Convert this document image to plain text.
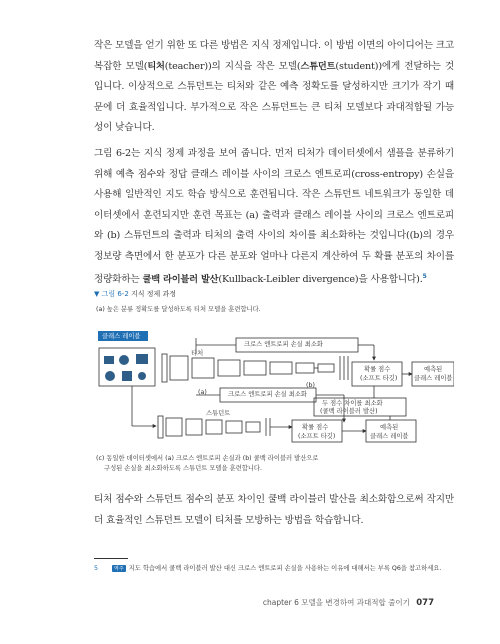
작은 모델을 얻기 위한 또 다른 방법은 지식 정제입니다. 이 방법 이면의 아이디어는 크고 복잡한 모델(티처(teacher))의 지식을 작은 모델(스튜던트(student))에게 전달하는 것입니다. 이상적으로 스튜던트는 티처와 같은 예측 정확도를 달성하지만 크기가 작기 때문에 더 효율적입니다. 부가적으로 작은 스튜던트는 큰 티처 모델보다 과대적합될 가능성이 낮습니다.

그림 6-2는 지식 정제 과정을 보여 줍니다. 먼저 티처가 데이터셋에서 샘플을 분류하기 위해 예측 점수와 정답 클래스 레이블 사이의 크로스 엔트로피(cross-entropy) 손실을 사용해 일반적인 지도 학습 방식으로 훈련됩니다. 작은 스튜던트 네트워크가 동일한 데이터셋에서 훈련되지만 훈련 목표는 (a) 출력과 클래스 레이블 사이의 크로스 엔트로피와 (b) 스튜던트의 출력과 티처의 출력 사이의 차이를 최소화하는 것입니다((b)의 경우 정보량 측면에서 한 분포가 다른 분포와 얼마나 다른지 계산하여 두 확률 분포의 차이를 정량화하는 쿨백 라이블러 발산(Kullback-Leibler divergence)을 사용합니다).$^5$

▼ 그림 6-2 지식 정제 과정

(a) 높은 분류 정확도를 달성하도록 티처 모델을 훈련합니다.

클래스 레이블

티처

크로스 엔트로피 손실 최소화

(a)	크로스 엔트로피 손실 최소화

(b)

두 점수 차이를 최소화

(쿨백 라이블러 발산)

확률 점수

(소프트 타깃)

예측된

클래스 레이블

스튜던트

확률 점수

(소프트 타깃)

예측된

클래스 레이블

(c) 동일한 데이터셋에서 (a) 크로스 엔트로피 손실과 (b) 쿨백 라이블러 발산으로

구성된 손실을 최소화하도록 스튜던트 모델을 훈련합니다.

티처 점수와 스튜던트 점수의 분포 차이인 쿨백 라이블러 발산을 최소화함으로써 작지만 더 효율적인 스튜던트 모델이 티처를 모방하는 방법을 학습합니다.

5	역주 지도 학습에서 쿨백 라이블러 발산 대신 크로스 엔트로피 손실을 사용하는 이유에 대해서는 부록 Q6을 참고하세요.

chapter 6 모델을 변경하여 과대적합 줄이기 077
